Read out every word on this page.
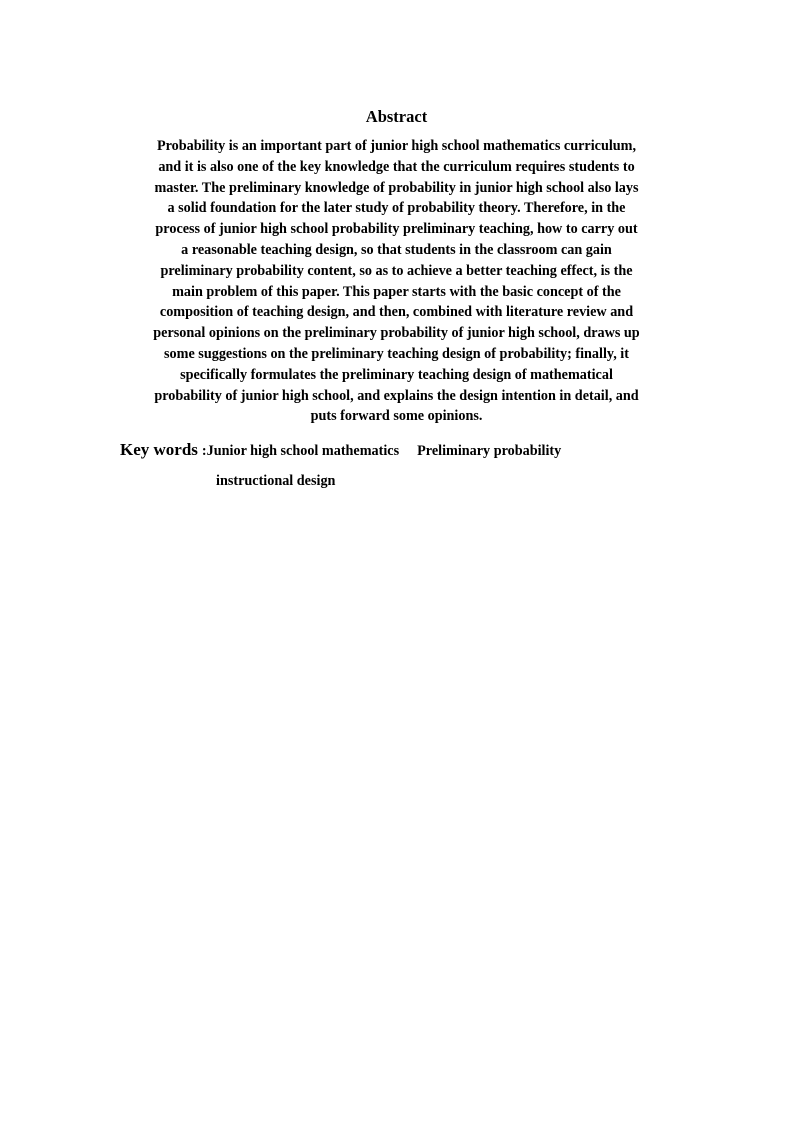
Abstract
Probability is an important part of junior high school mathematics curriculum,
and it is also one of the key knowledge that the curriculum requires students to
master. The preliminary knowledge of probability in junior high school also lays
a solid foundation for the later study of probability theory. Therefore, in the
process of junior high school probability preliminary teaching, how to carry out
a reasonable teaching design, so that students in the classroom can gain
preliminary probability content, so as to achieve a better teaching effect, is the
main problem of this paper. This paper starts with the basic concept of the
composition of teaching design, and then, combined with literature review and
personal opinions on the preliminary probability of junior high school, draws up
some suggestions on the preliminary teaching design of probability; finally, it
specifically formulates the preliminary teaching design of mathematical
probability of junior high school, and explains the design intention in detail, and
puts forward some opinions.
Key words :Junior high school mathematics Preliminary probability
instructional design
